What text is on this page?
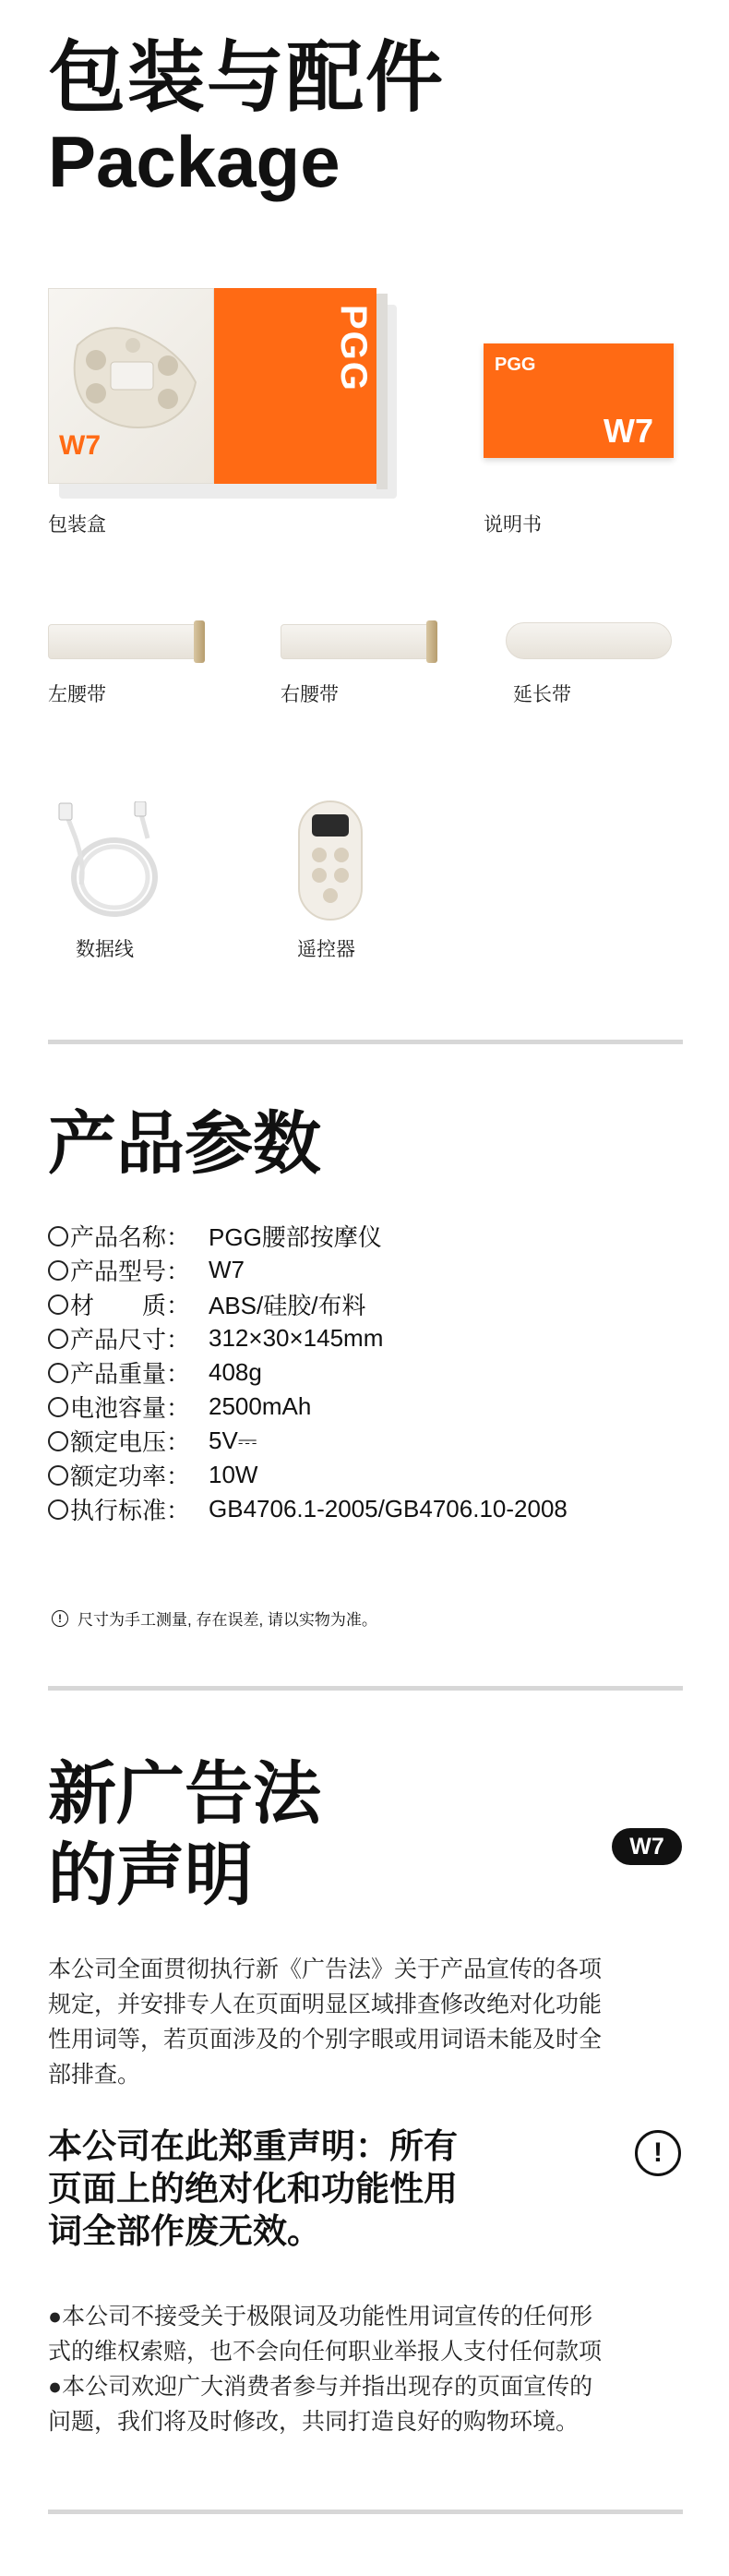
包装与配件
Package
W7
PGG
包装盒
PGG
W7
说明书
左腰带	右腰带	延长带
数据线	遥控器
产品参数
产品名称： PGG腰部按摩仪
产品型号： W7
材　　质： ABS/硅胶/布料
产品尺寸： 312×30×145mm
产品重量： 408g
电池容量： 2500mAh
额定电压： 5V⎓
额定功率： 10W
执行标准： GB4706.1-2005/GB4706.10-2008
!	尺寸为手工测量, 存在误差, 请以实物为准。
新广告法
的声明	W7
本公司全面贯彻执行新《广告法》关于产品宣传的各项
规定，并安排专人在页面明显区域排查修改绝对化功能
性用词等，若页面涉及的个别字眼或用词语未能及时全
部排查。
本公司在此郑重声明：所有
页面上的绝对化和功能性用
词全部作废无效。
!
●本公司不接受关于极限词及功能性用词宣传的任何形
式的维权索赔，也不会向任何职业举报人支付任何款项
●本公司欢迎广大消费者参与并指出现存的页面宣传的
问题，我们将及时修改，共同打造良好的购物环境。
